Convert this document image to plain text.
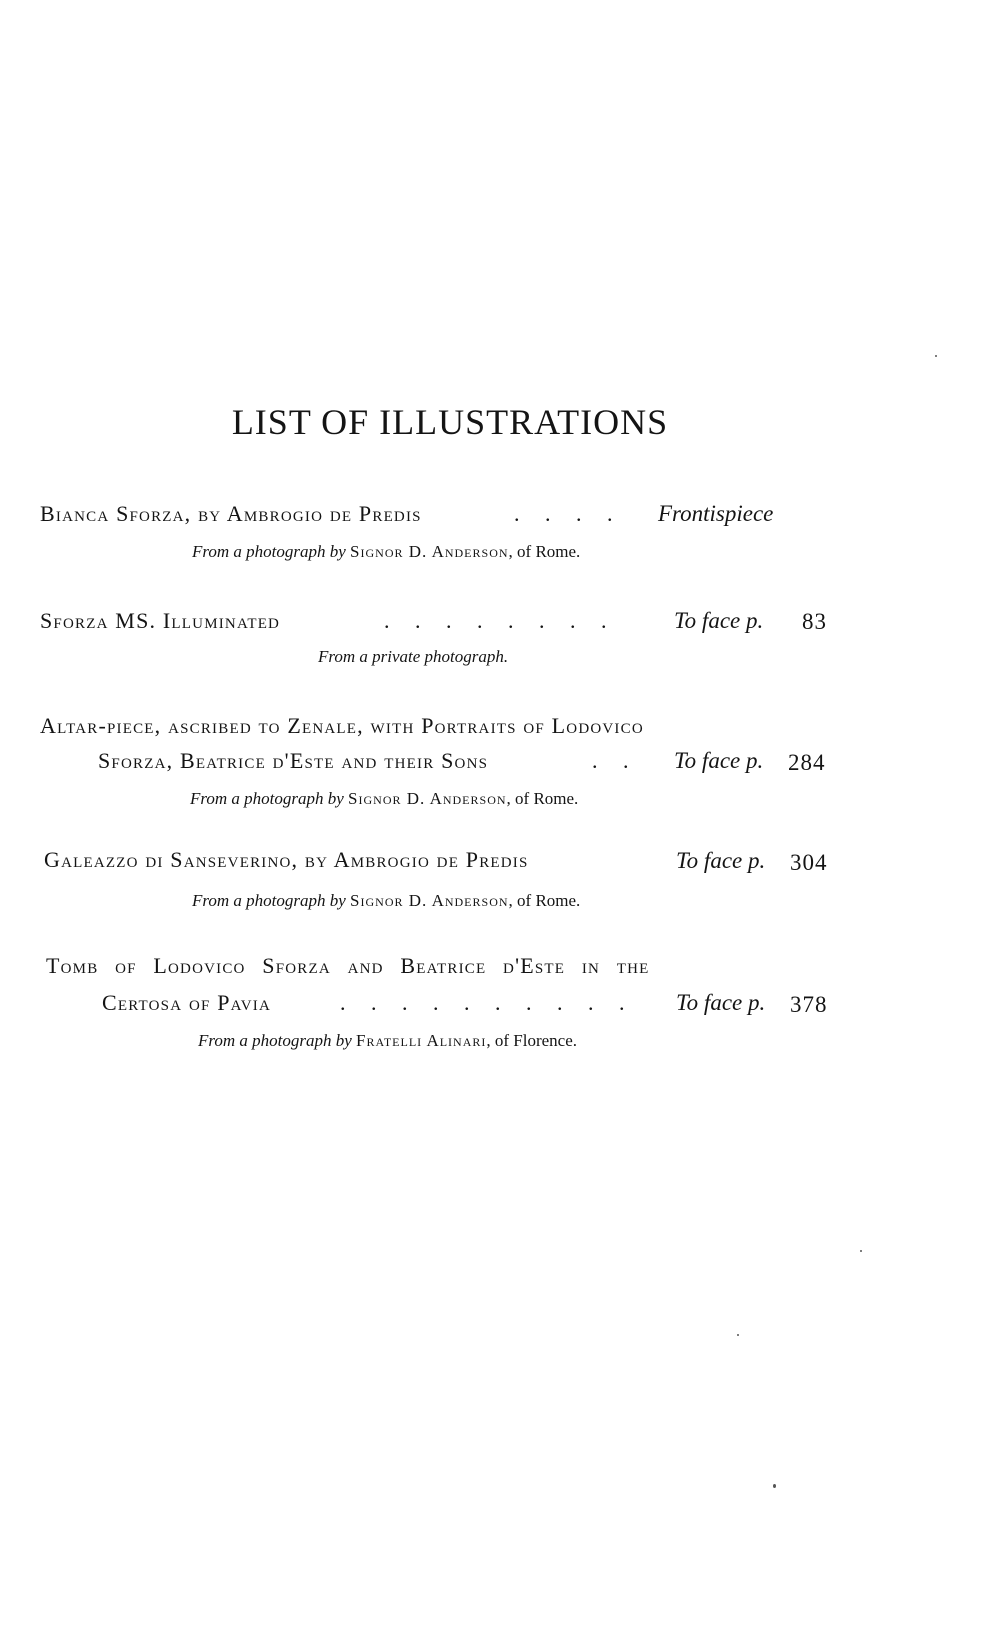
LIST OF ILLUSTRATIONS
Bianca Sforza, by Ambrogio de Predis	. . . . Frontispiece
From a photograph by Signor D. Anderson, of Rome.
Sforza MS. Illuminated	. . . . . . . .	To face p. 83
From a private photograph.
Altar-piece, ascribed to Zenale, with Portraits of Lodovico
Sforza, Beatrice d'Este and their Sons	. . To face p. 284
From a photograph by Signor D. Anderson, of Rome.
Galeazzo di Sanseverino, by Ambrogio de Predis	To face p. 304
From a photograph by Signor D. Anderson, of Rome.
Tomb of Lodovico Sforza and Beatrice d'Este in the
Certosa of Pavia	. . . . . . . . . . To face p. 378
From a photograph by Fratelli Alinari, of Florence.
